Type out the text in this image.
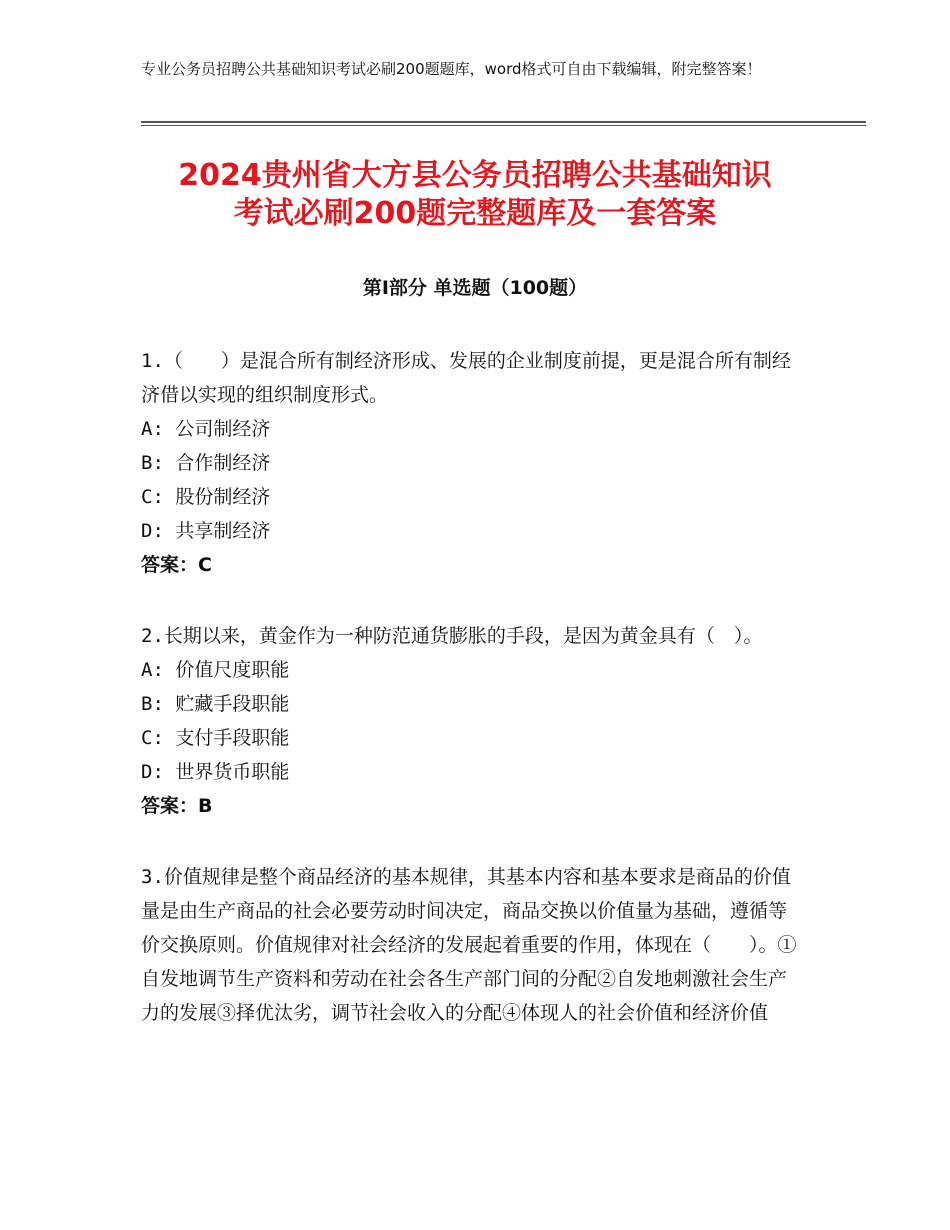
专业公务员招聘公共基础知识考试必刷200题题库，word格式可自由下载编辑，附完整答案！
2024贵州省大方县公务员招聘公共基础知识
考试必刷200题完整题库及一套答案
第I部分 单选题（100题）

1.（　　）是混合所有制经济形成、发展的企业制度前提，更是混合所有制经济借以实现的组织制度形式。

A: 公司制经济

B: 合作制经济

C: 股份制经济

D: 共享制经济

答案：C

2.长期以来，黄金作为一种防范通货膨胀的手段，是因为黄金具有（　）。

A: 价值尺度职能

B: 贮藏手段职能

C: 支付手段职能

D: 世界货币职能

答案：B

3.价值规律是整个商品经济的基本规律，其基本内容和基本要求是商品的价值量是由生产商品的社会必要劳动时间决定，商品交换以价值量为基础，遵循等价交换原则。价值规律对社会经济的发展起着重要的作用，体现在（　　）。①自发地调节生产资料和劳动在社会各生产部门间的分配②自发地刺激社会生产力的发展③择优汰劣，调节社会收入的分配④体现人的社会价值和经济价值
